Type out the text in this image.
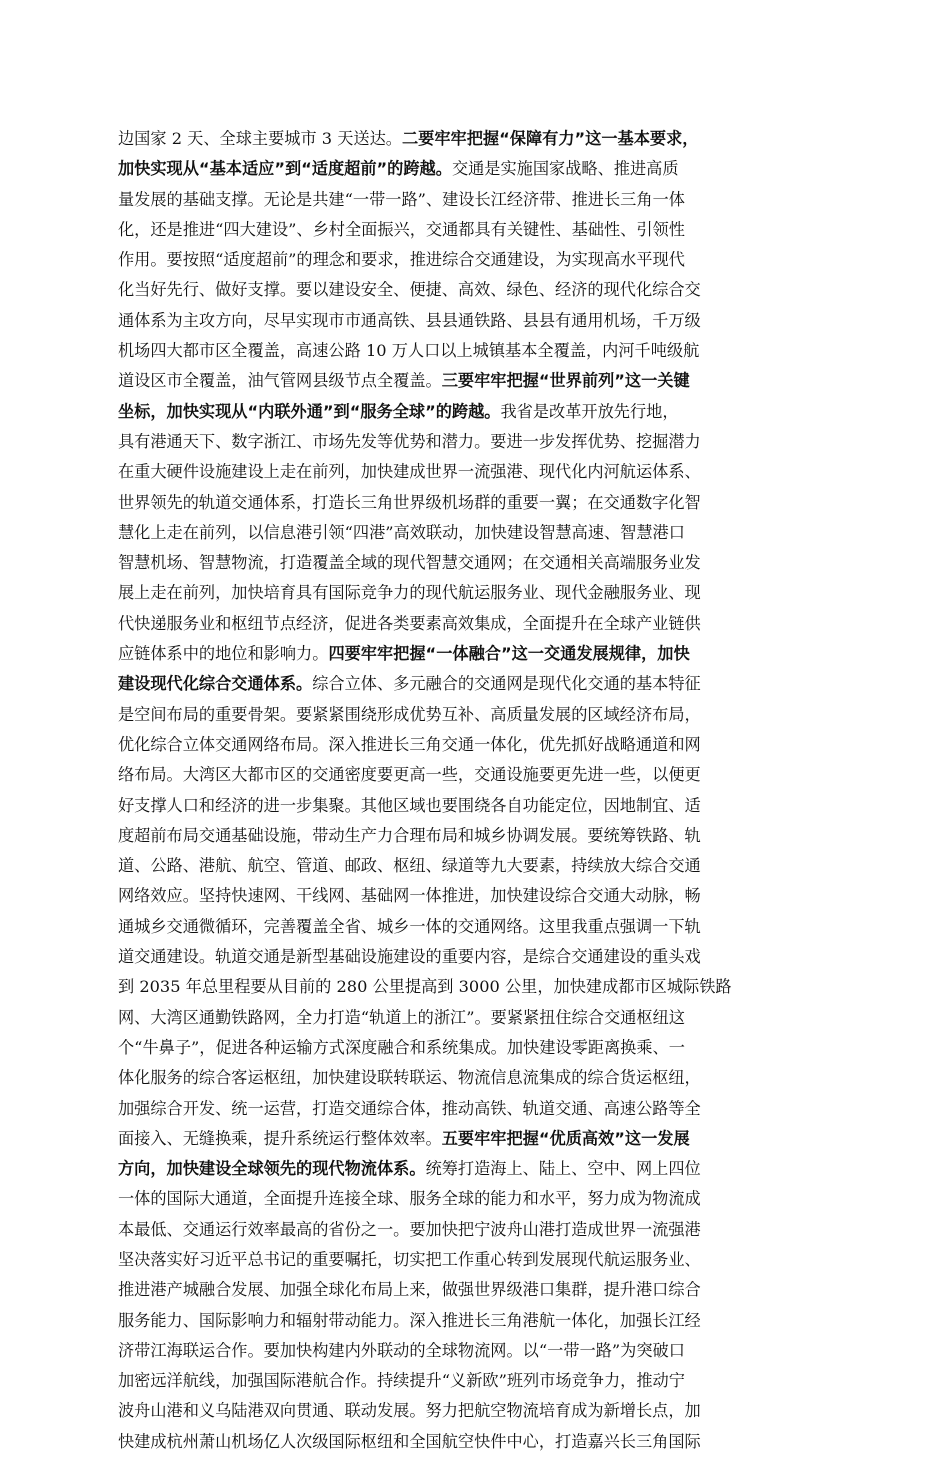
边国家 2 天、全球主要城市 3 天送达。二要牢牢把握“保障有力”这一基本要求，
加快实现从“基本适应”到“适度超前”的跨越。交通是实施国家战略、推进高质
量发展的基础支撑。无论是共建“一带一路”、建设长江经济带、推进长三角一体
化，还是推进“四大建设”、乡村全面振兴，交通都具有关键性、基础性、引领性
作用。要按照“适度超前”的理念和要求，推进综合交通建设，为实现高水平现代
化当好先行、做好支撑。要以建设安全、便捷、高效、绿色、经济的现代化综合交
通体系为主攻方向，尽早实现市市通高铁、县县通铁路、县县有通用机场，千万级
机场四大都市区全覆盖，高速公路 10 万人口以上城镇基本全覆盖，内河千吨级航
道设区市全覆盖，油气管网县级节点全覆盖。三要牢牢把握“世界前列”这一关键
坐标，加快实现从“内联外通”到“服务全球”的跨越。我省是改革开放先行地，
具有港通天下、数字浙江、市场先发等优势和潜力。要进一步发挥优势、挖掘潜力
在重大硬件设施建设上走在前列，加快建成世界一流强港、现代化内河航运体系、
世界领先的轨道交通体系，打造长三角世界级机场群的重要一翼；在交通数字化智
慧化上走在前列，以信息港引领“四港”高效联动，加快建设智慧高速、智慧港口
智慧机场、智慧物流，打造覆盖全域的现代智慧交通网；在交通相关高端服务业发
展上走在前列，加快培育具有国际竞争力的现代航运服务业、现代金融服务业、现
代快递服务业和枢纽节点经济，促进各类要素高效集成，全面提升在全球产业链供
应链体系中的地位和影响力。四要牢牢把握“一体融合”这一交通发展规律，加快
建设现代化综合交通体系。综合立体、多元融合的交通网是现代化交通的基本特征
是空间布局的重要骨架。要紧紧围绕形成优势互补、高质量发展的区域经济布局，
优化综合立体交通网络布局。深入推进长三角交通一体化，优先抓好战略通道和网
络布局。大湾区大都市区的交通密度要更高一些，交通设施要更先进一些，以便更
好支撑人口和经济的进一步集聚。其他区域也要围绕各自功能定位，因地制宜、适
度超前布局交通基础设施，带动生产力合理布局和城乡协调发展。要统筹铁路、轨
道、公路、港航、航空、管道、邮政、枢纽、绿道等九大要素，持续放大综合交通
网络效应。坚持快速网、干线网、基础网一体推进，加快建设综合交通大动脉，畅
通城乡交通微循环，完善覆盖全省、城乡一体的交通网络。这里我重点强调一下轨
道交通建设。轨道交通是新型基础设施建设的重要内容，是综合交通建设的重头戏
到 2035 年总里程要从目前的 280 公里提高到 3000 公里，加快建成都市区城际铁路
网、大湾区通勤铁路网，全力打造“轨道上的浙江”。要紧紧扭住综合交通枢纽这
个“牛鼻子”，促进各种运输方式深度融合和系统集成。加快建设零距离换乘、一
体化服务的综合客运枢纽，加快建设联转联运、物流信息流集成的综合货运枢纽，
加强综合开发、统一运营，打造交通综合体，推动高铁、轨道交通、高速公路等全
面接入、无缝换乘，提升系统运行整体效率。五要牢牢把握“优质高效”这一发展
方向，加快建设全球领先的现代物流体系。统筹打造海上、陆上、空中、网上四位
一体的国际大通道，全面提升连接全球、服务全球的能力和水平，努力成为物流成
本最低、交通运行效率最高的省份之一。要加快把宁波舟山港打造成世界一流强港
坚决落实好习近平总书记的重要嘱托，切实把工作重心转到发展现代航运服务业、
推进港产城融合发展、加强全球化布局上来，做强世界级港口集群，提升港口综合
服务能力、国际影响力和辐射带动能力。深入推进长三角港航一体化，加强长江经
济带江海联运合作。要加快构建内外联动的全球物流网。以“一带一路”为突破口
加密远洋航线，加强国际港航合作。持续提升“义新欧”班列市场竞争力，推动宁
波舟山港和义乌陆港双向贯通、联动发展。努力把航空物流培育成为新增长点，加
快建成杭州萧山机场亿人次级国际枢纽和全国航空快件中心，打造嘉兴长三角国际
